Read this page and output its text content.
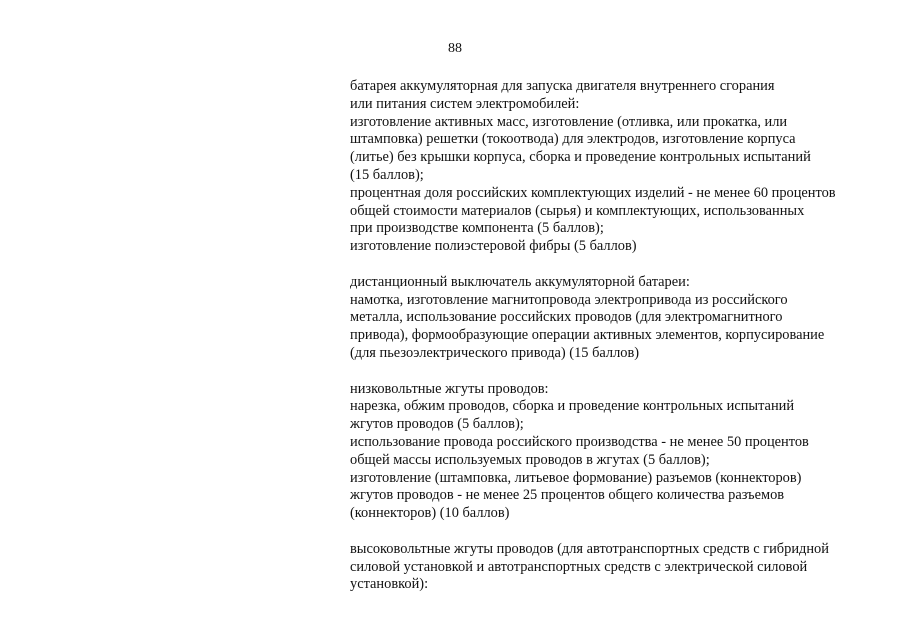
88
батарея аккумуляторная для запуска двигателя внутреннего сгорания
или питания систем электромобилей:
изготовление активных масс, изготовление (отливка, или прокатка, или
штамповка) решетки (токоотвода) для электродов, изготовление корпуса
(литье) без крышки корпуса, сборка и проведение контрольных испытаний
(15 баллов);
процентная доля российских комплектующих изделий - не менее 60 процентов
общей стоимости материалов (сырья) и комплектующих, использованных
при производстве компонента (5 баллов);
изготовление полиэстеровой фибры (5 баллов)
дистанционный выключатель аккумуляторной батареи:
намотка, изготовление магнитопровода электропривода из российского
металла, использование российских проводов (для электромагнитного
привода), формообразующие операции активных элементов, корпусирование
(для пьезоэлектрического привода) (15 баллов)
низковольтные жгуты проводов:
нарезка, обжим проводов, сборка и проведение контрольных испытаний
жгутов проводов (5 баллов);
использование провода российского производства - не менее 50 процентов
общей массы используемых проводов в жгутах (5 баллов);
изготовление (штамповка, литьевое формование) разъемов (коннекторов)
жгутов проводов - не менее 25 процентов общего количества разъемов
(коннекторов) (10 баллов)
высоковольтные жгуты проводов (для автотранспортных средств с гибридной
силовой установкой и автотранспортных средств с электрической силовой
установкой):
